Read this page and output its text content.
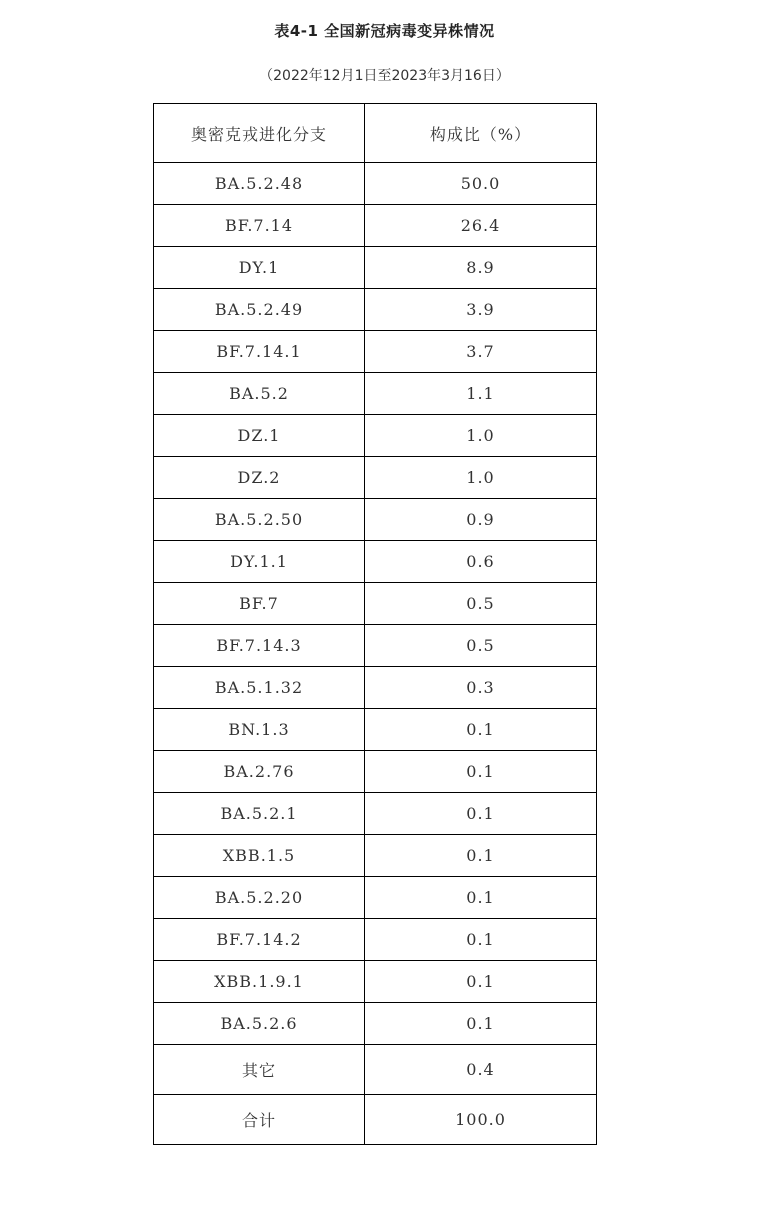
表4-1 全国新冠病毒变异株情况
（2022年12月1日至2023年3月16日）
奥密克戎进化分支	构成比（%）
BA.5.2.48	50.0
BF.7.14	26.4
DY.1	8.9
BA.5.2.49	3.9
BF.7.14.1	3.7
BA.5.2	1.1
DZ.1	1.0
DZ.2	1.0
BA.5.2.50	0.9
DY.1.1	0.6
BF.7	0.5
BF.7.14.3	0.5
BA.5.1.32	0.3
BN.1.3	0.1
BA.2.76	0.1
BA.5.2.1	0.1
XBB.1.5	0.1
BA.5.2.20	0.1
BF.7.14.2	0.1
XBB.1.9.1	0.1
BA.5.2.6	0.1
其它	0.4
合计	100.0
